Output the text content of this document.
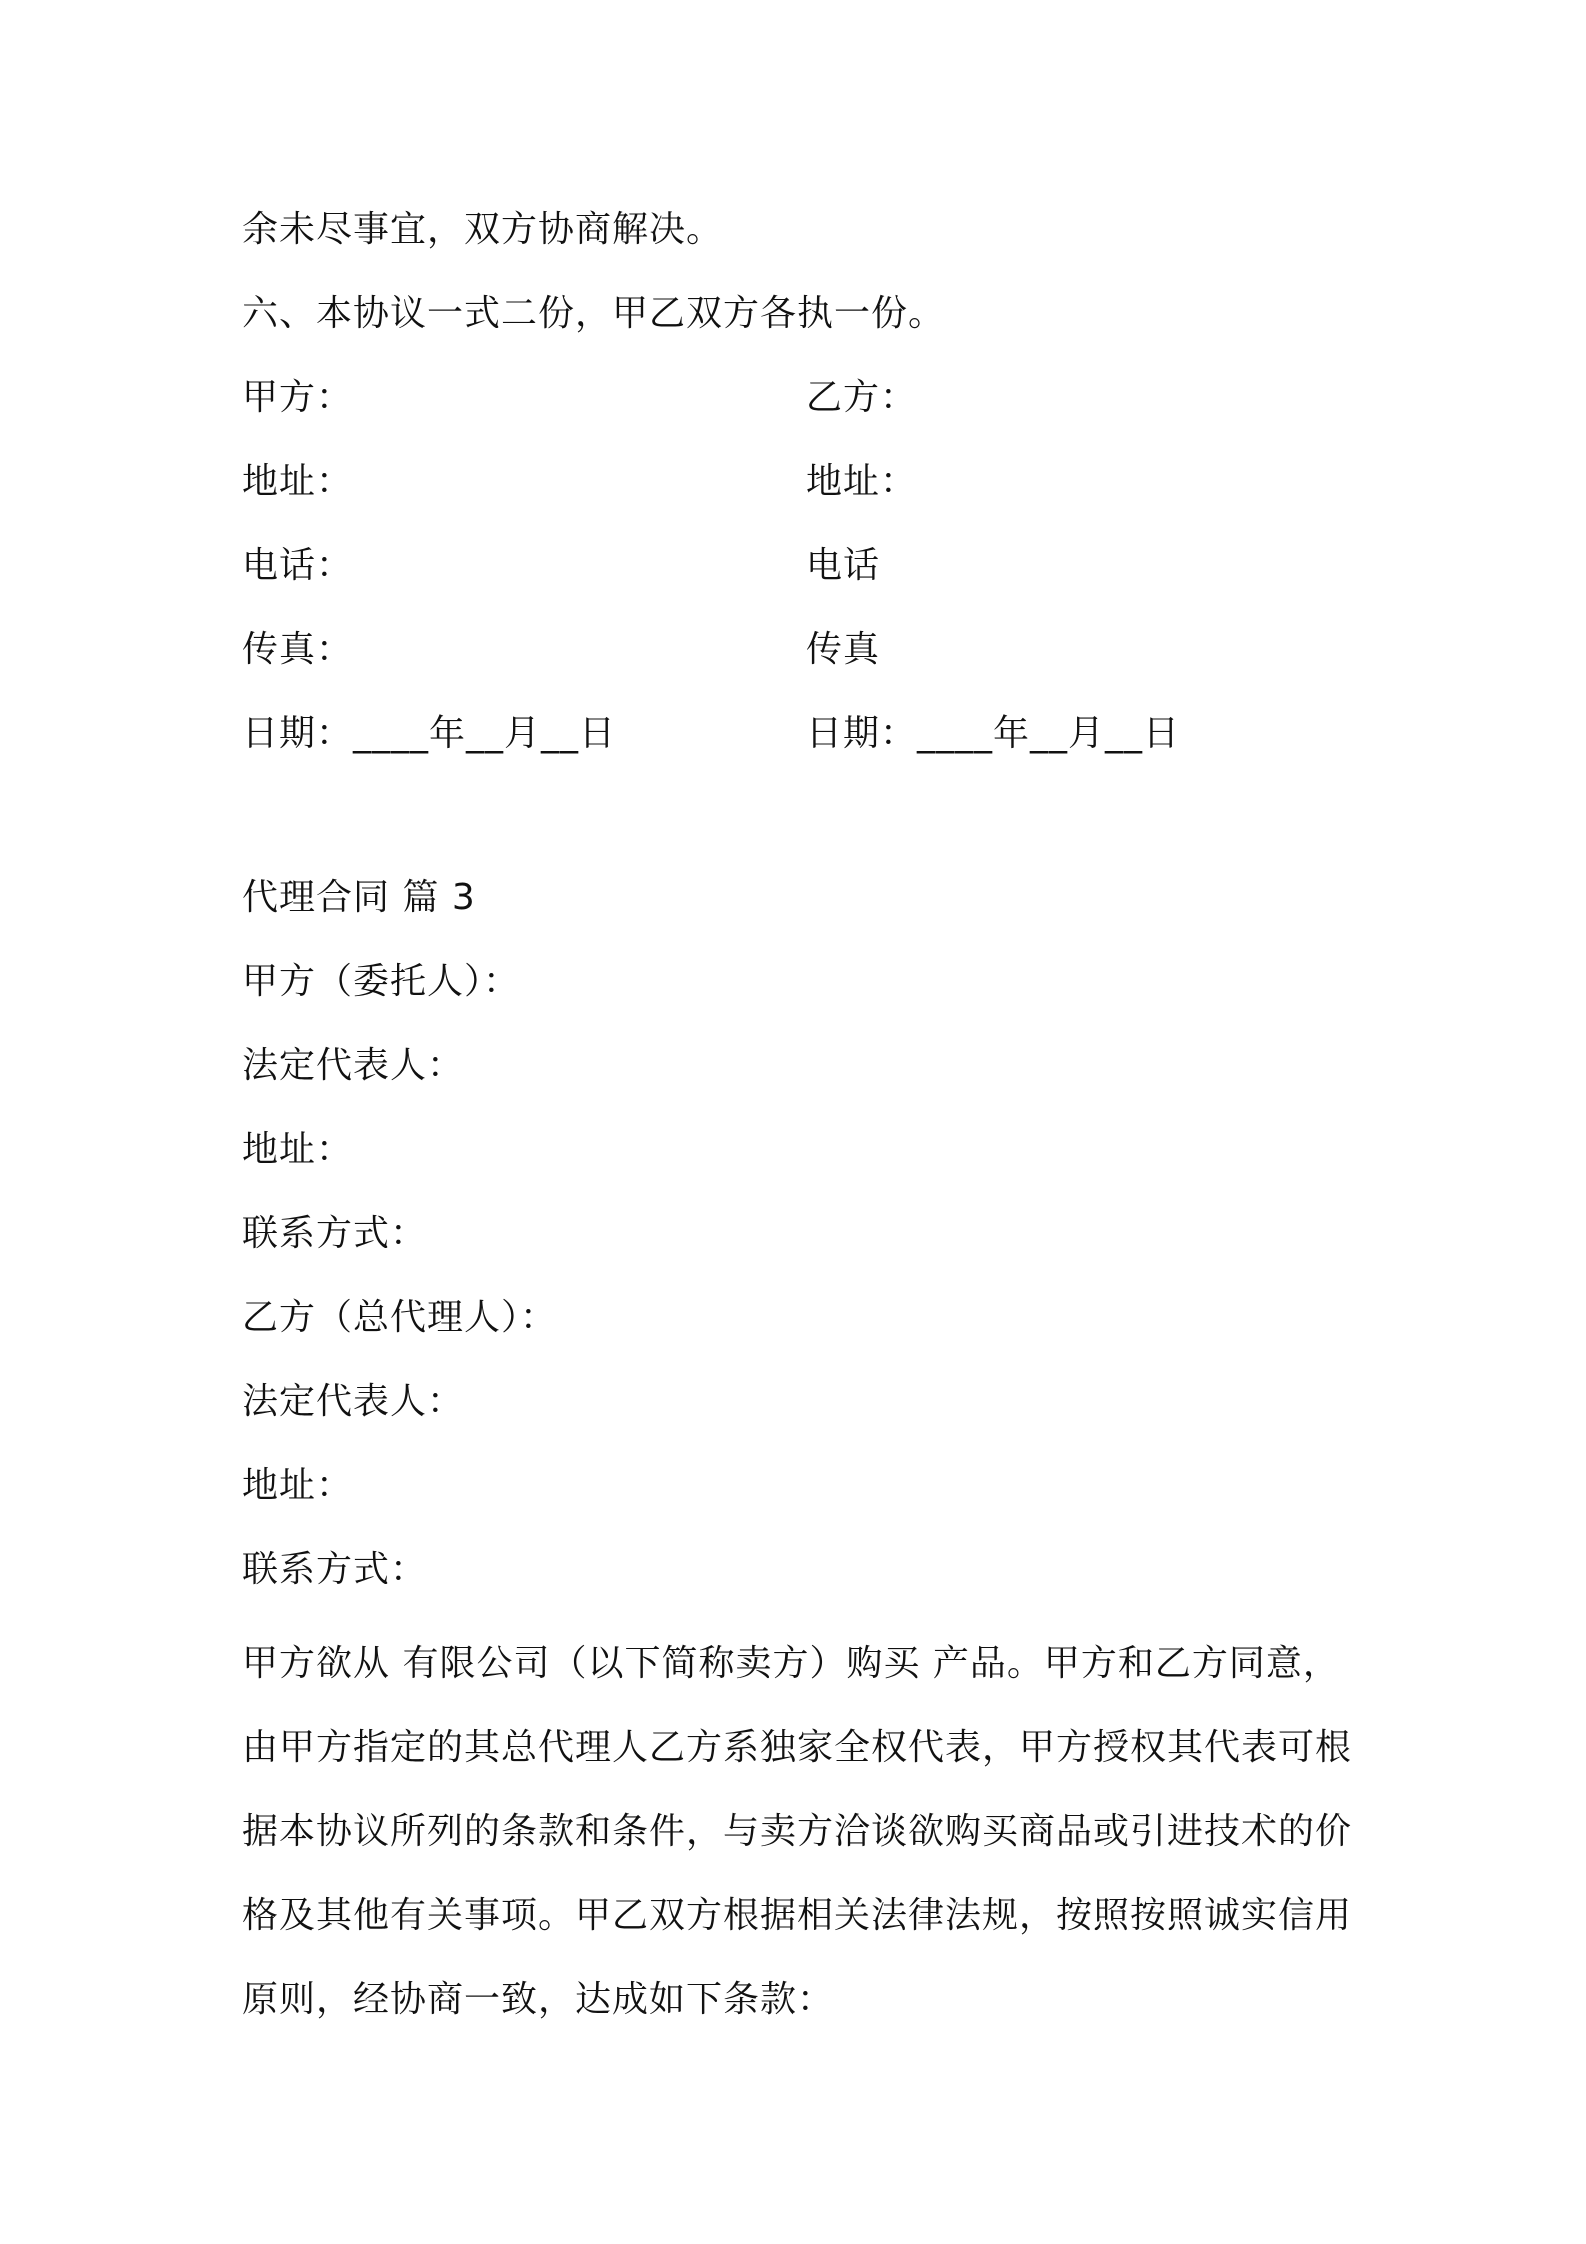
余未尽事宜，双方协商解决。
六、本协议一式二份，甲乙双方各执一份。
甲方：	乙方：
地址：	地址：
电话：	电话
传真：	传真
日期：____年__月__日	日期：____年__月__日
代理合同 篇 3
甲方（委托人）：
法定代表人：
地址：
联系方式：
乙方（总代理人）：
法定代表人：
地址：
联系方式：
甲方欲从 有限公司（以下简称卖方）购买 产品。甲方和乙方同意，
由甲方指定的其总代理人乙方系独家全权代表，甲方授权其代表可根
据本协议所列的条款和条件，与卖方洽谈欲购买商品或引进技术的价
格及其他有关事项。甲乙双方根据相关法律法规，按照按照诚实信用
原则，经协商一致，达成如下条款：
